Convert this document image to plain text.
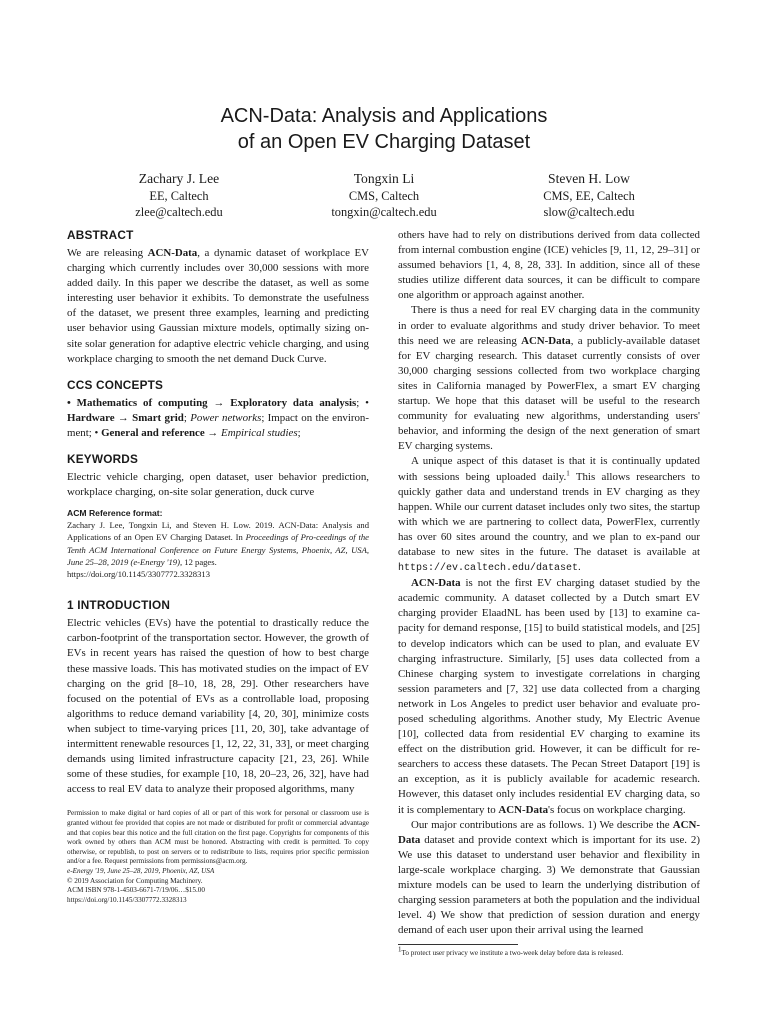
ACN-Data: Analysis and Applications
of an Open EV Charging Dataset
Zachary J. Lee
EE, Caltech
zlee@caltech.edu
Tongxin Li
CMS, Caltech
tongxin@caltech.edu
Steven H. Low
CMS, EE, Caltech
slow@caltech.edu
ABSTRACT

We are releasing ACN-Data, a dynamic dataset of workplace EV charging which currently includes over 30,000 sessions with more added daily. In this paper we describe the dataset, as well as some interesting user behavior it exhibits. To demonstrate the usefulness of the dataset, we present three examples, learning and predicting user behavior using Gaussian mixture models, optimally sizing on-site solar generation for adaptive electric vehicle charging, and using workplace charging to smooth the net demand Duck Curve.

CCS CONCEPTS

• Mathematics of computing → Exploratory data analysis; • Hardware → Smart grid; Power networks; Impact on the environ-ment; • General and reference → Empirical studies;

KEYWORDS

Electric vehicle charging, open dataset, user behavior prediction, workplace charging, on-site solar generation, duck curve

ACM Reference format:

Zachary J. Lee, Tongxin Li, and Steven H. Low. 2019. ACN-Data: Analysis and Applications of an Open EV Charging Dataset. In Proceedings of Pro-ceedings of the Tenth ACM International Conference on Future Energy Systems, Phoenix, AZ, USA, June 25–28, 2019 (e-Energy '19), 12 pages.
https://doi.org/10.1145/3307772.3328313

1 INTRODUCTION

Electric vehicles (EVs) have the potential to drastically reduce the carbon-footprint of the transportation sector. However, the growth of EVs in recent years has raised the question of how to best charge these massive loads. This has motivated studies on the impact of EV charging on the grid [8–10, 18, 28, 29]. Other researchers have focused on the potential of EVs as a controllable load, proposing algorithms to reduce demand variability [4, 20, 30], minimize costs when subject to time-varying prices [11, 20, 30], take advantage of intermittent renewable resources [1, 12, 22, 31, 33], or meet charging demands using limited infrastructure capacity [21, 23, 26]. While some of these studies, for example [10, 18, 20–23, 26, 32], have had access to real EV data to analyze their proposed algorithms, many

Permission to make digital or hard copies of all or part of this work for personal or classroom use is granted without fee provided that copies are not made or distributed for profit or commercial advantage and that copies bear this notice and the full citation on the first page. Copyrights for components of this work owned by others than ACM must be honored. Abstracting with credit is permitted. To copy otherwise, or republish, to post on servers or to redistribute to lists, requires prior specific permission and/or a fee. Request permissions from permissions@acm.org.

e-Energy '19, June 25–28, 2019, Phoenix, AZ, USA

© 2019 Association for Computing Machinery.

ACM ISBN 978-1-4503-6671-7/19/06…$15.00

https://doi.org/10.1145/3307772.3328313

others have had to rely on distributions derived from data collected from internal combustion engine (ICE) vehicles [9, 11, 12, 29–31] or assumed behaviors [1, 4, 8, 28, 33]. In addition, since all of these studies utilize different data sources, it can be difficult to compare one algorithm or approach against another.

There is thus a need for real EV charging data in the community in order to evaluate algorithms and study driver behavior. To meet this need we are releasing ACN-Data, a publicly-available dataset for EV charging research. This dataset currently consists of over 30,000 charging sessions collected from two workplace charging sites in California managed by PowerFlex, a smart EV charging startup. We hope that this dataset will be useful to the research community for evaluating new algorithms, understanding users' behavior, and informing the design of the next generation of smart EV charging systems.

A unique aspect of this dataset is that it is continually updated with sessions being uploaded daily.$^1$ This allows researchers to quickly gather data and understand trends in EV charging as they happen. While our current dataset includes only two sites, the startup with which we are partnering to collect data, PowerFlex, currently has over 60 sites around the country, and we plan to ex-pand our database to new sites in the future. The dataset is available at https://ev.caltech.edu/dataset.

ACN-Data is not the first EV charging dataset studied by the academic community. A dataset collected by a Dutch smart EV charging provider ElaadNL has been used by [13] to examine ca-pacity for demand response, [15] to build statistical models, and [25] to develop indicators which can be used to plan, and evaluate EV charging infrastructure. Similarly, [5] uses data collected from a Chinese charging system to investigate correlations in charging session parameters and [7, 32] use data collected from a charging network in Los Angeles to predict user behavior and evaluate pro-posed scheduling algorithms. Another study, My Electric Avenue [10], collected data from residential EV charging to examine its effect on the distribution grid. However, it can be difficult for re-searchers to access these datasets. The Pecan Street Dataport [19] is an exception, as it is publicly available for academic research. However, this dataset only includes residential EV charging data, so it is complementary to ACN-Data's focus on workplace charging.

Our major contributions are as follows. 1) We describe the ACN-Data dataset and provide context which is important for its use. 2) We use this dataset to understand user behavior and flexibility in large-scale workplace charging. 3) We demonstrate that Gaussian mixture models can be used to learn the underlying distribution of charging session parameters at both the population and the individual level. 4) We show that prediction of session duration and energy demand of each user upon their arrival using the learned

$^1$To protect user privacy we institute a two-week delay before data is released.
